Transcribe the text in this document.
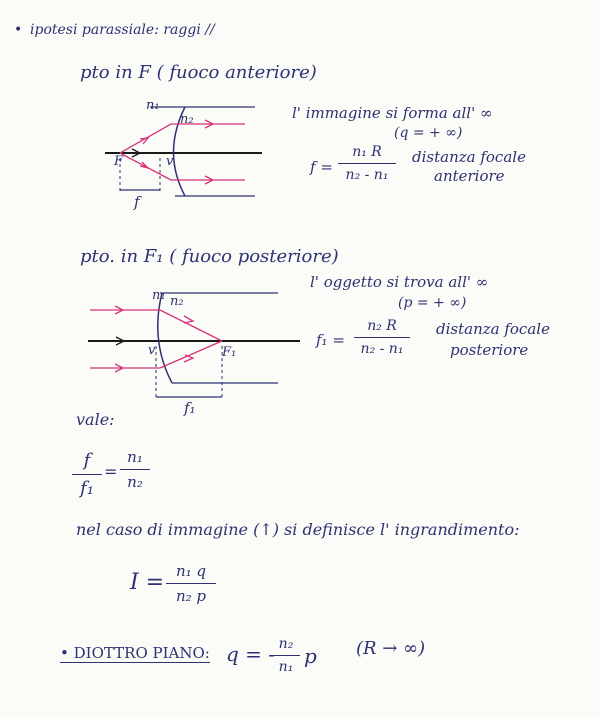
• ipotesi parassiale: raggi //
pto in F ( fuoco anteriore)
n₁
n₂
F	v
f
l' immagine si forma all' ∞
(q = + ∞)
f =
n₁ R
n₂ - n₁
distanza focale
anteriore
pto. in F₁ ( fuoco posteriore)
n₁ n₂
v	F₁
f₁
l' oggetto si trova all' ∞
(p = + ∞)
f₁ =
n₂ R
n₂ - n₁
distanza focale
posteriore
vale:
f
f₁
=
n₁
n₂
nel caso di immagine (↑) si definisce l' ingrandimento:
I = n₁ q
n₂ p
• DIOTTRO PIANO: q = - n₂
n₁ p (R → ∞)
